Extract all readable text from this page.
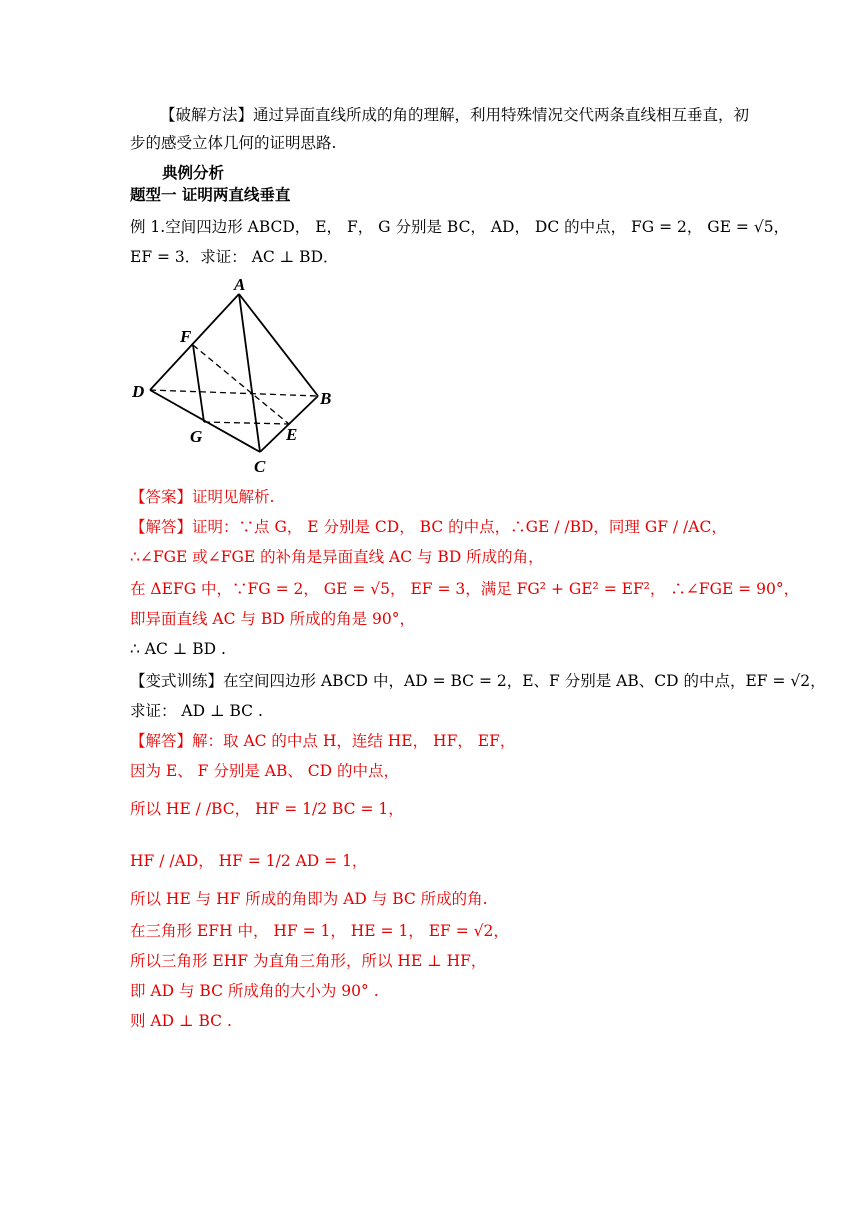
【破解方法】通过异面直线所成的角的理解，利用特殊情况交代两条直线相互垂直，初
步的感受立体几何的证明思路.
典例分析
题型一 证明两直线垂直
例 1.空间四边形 ABCD， E， F， G 分别是 BC， AD， DC 的中点， FG = 2， GE = √5，
EF = 3．求证： AC ⊥ BD．
A
F
D	B
G	E
C
【答案】证明见解析.
【解答】证明：∵点 G， E 分别是 CD， BC 的中点，∴GE / /BD，同理 GF / /AC，
∴∠FGE 或∠FGE 的补角是异面直线 AC 与 BD 所成的角，
在 ΔEFG 中，∵FG = 2， GE = √5， EF = 3，满足 FG² + GE² = EF²， ∴∠FGE = 90°，
即异面直线 AC 与 BD 所成的角是 90°，
∴ AC ⊥ BD .
【变式训练】在空间四边形 ABCD 中，AD = BC = 2，E、F 分别是 AB、CD 的中点，EF = √2，
求证： AD ⊥ BC .
【解答】解：取 AC 的中点 H，连结 HE， HF， EF，
因为 E、 F 分别是 AB、 CD 的中点，
所以 HE / /BC， HF = 1/2 BC = 1，
HF / /AD， HF = 1/2 AD = 1，
所以 HE 与 HF 所成的角即为 AD 与 BC 所成的角.
在三角形 EFH 中， HF = 1， HE = 1， EF = √2，
所以三角形 EHF 为直角三角形，所以 HE ⊥ HF，
即 AD 与 BC 所成角的大小为 90° .
则 AD ⊥ BC .
